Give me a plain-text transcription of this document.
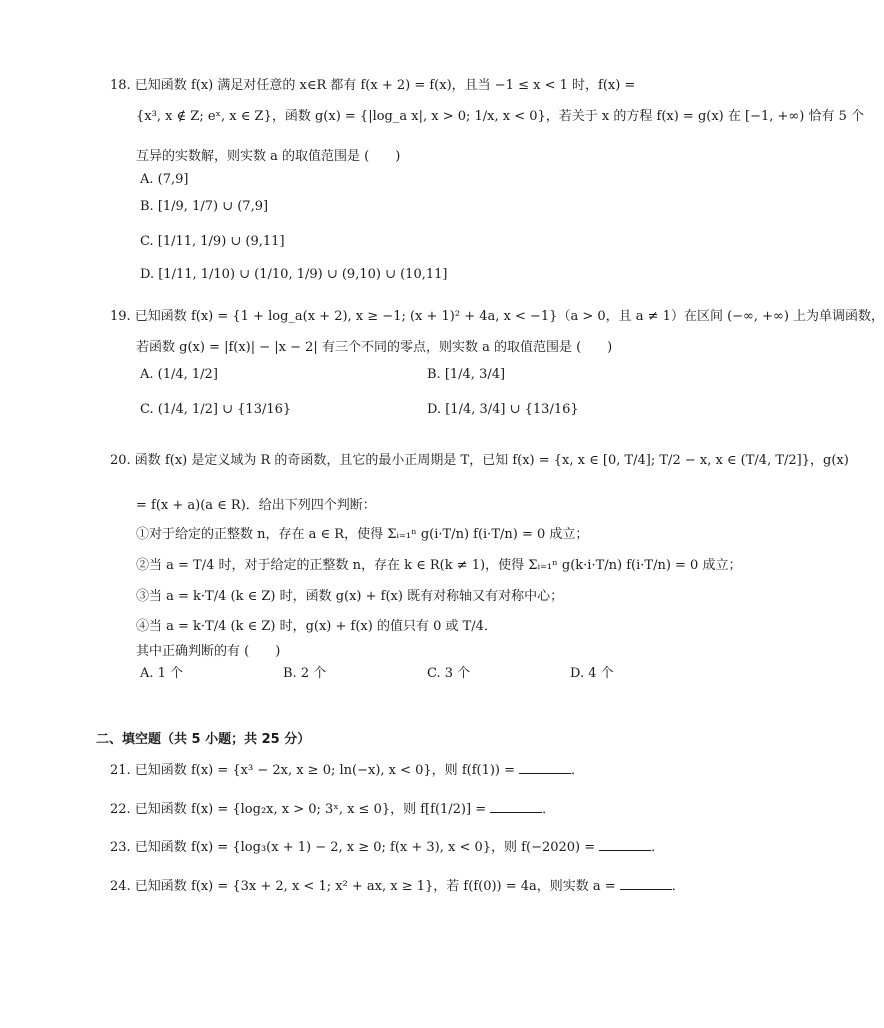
18. 已知函数 f(x) 满足对任意的 x∈R 都有 f(x + 2) = f(x)，且当 −1 ≤ x < 1 时，f(x) =
{x³, x ∉ Z; eˣ, x ∈ Z}，函数 g(x) = {|log_a x|, x > 0; 1/x, x < 0}，若关于 x 的方程 f(x) = g(x) 在 [−1, +∞) 恰有 5 个
互异的实数解，则实数 a 的取值范围是 (　　)
A. (7,9]
B. [1/9, 1/7) ∪ (7,9]
C. [1/11, 1/9) ∪ (9,11]
D. [1/11, 1/10) ∪ (1/10, 1/9) ∪ (9,10) ∪ (10,11]
19. 已知函数 f(x) = {1 + log_a(x + 2), x ≥ −1; (x + 1)² + 4a, x < −1}（a > 0，且 a ≠ 1）在区间 (−∞, +∞) 上为单调函数，
若函数 g(x) = |f(x)| − |x − 2| 有三个不同的零点，则实数 a 的取值范围是 (　　)
A. (1/4, 1/2]	B. [1/4, 3/4]
C. (1/4, 1/2] ∪ {13/16}	D. [1/4, 3/4] ∪ {13/16}
20. 函数 f(x) 是定义域为 R 的奇函数，且它的最小正周期是 T，已知 f(x) = {x, x ∈ [0, T/4]; T/2 − x, x ∈ (T/4, T/2]}，g(x)
= f(x + a)(a ∈ R)．给出下列四个判断：
①对于给定的正整数 n，存在 a ∈ R，使得 Σᵢ₌₁ⁿ g(i·T/n) f(i·T/n) = 0 成立；
②当 a = T/4 时，对于给定的正整数 n，存在 k ∈ R(k ≠ 1)，使得 Σᵢ₌₁ⁿ g(k·i·T/n) f(i·T/n) = 0 成立；
③当 a = k·T/4 (k ∈ Z) 时，函数 g(x) + f(x) 既有对称轴又有对称中心；
④当 a = k·T/4 (k ∈ Z) 时，g(x) + f(x) 的值只有 0 或 T/4．
其中正确判断的有 (　　)
A. 1 个	B. 2 个	C. 3 个	D. 4 个
二、填空题（共 5 小题；共 25 分）
21. 已知函数 f(x) = {x³ − 2x, x ≥ 0; ln(−x), x < 0}，则 f(f(1)) =	．
22. 已知函数 f(x) = {log₂x, x > 0; 3ˣ, x ≤ 0}，则 f[f(1/2)] =	．
23. 已知函数 f(x) = {log₃(x + 1) − 2, x ≥ 0; f(x + 3), x < 0}，则 f(−2020) =	．
24. 已知函数 f(x) = {3x + 2, x < 1; x² + ax, x ≥ 1}，若 f(f(0)) = 4a，则实数 a =	．
